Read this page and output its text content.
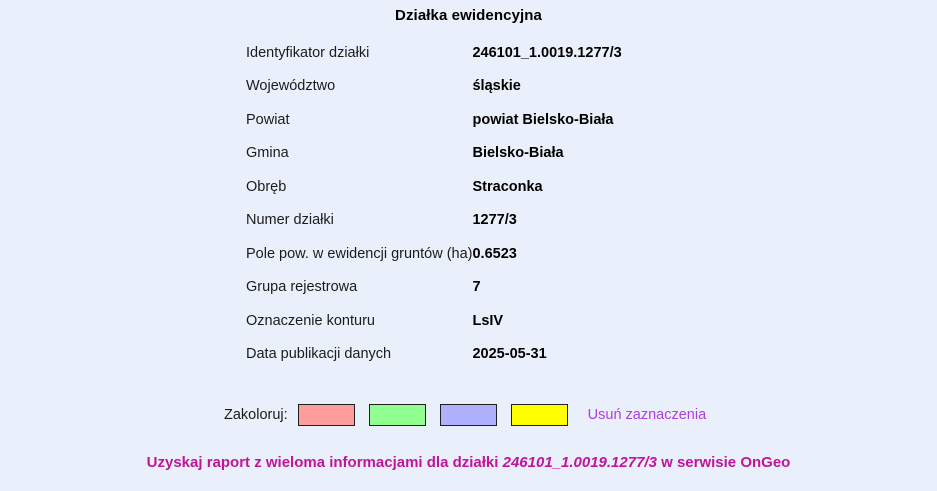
Działka ewidencyjna
Identyfikator działki	246101_1.0019.1277/3
Województwo	śląskie
Powiat	powiat Bielsko-Biała
Gmina	Bielsko-Biała
Obręb	Straconka
Numer działki	1277/3
Pole pow. w ewidencji gruntów (ha)	0.6523
Grupa rejestrowa	7
Oznaczenie konturu	LsIV
Data publikacji danych	2025-05-31
Zakoloruj:	Usuń zaznaczenia
Uzyskaj raport z wieloma informacjami dla działki 246101_1.0019.1277/3 w serwisie OnGeo
